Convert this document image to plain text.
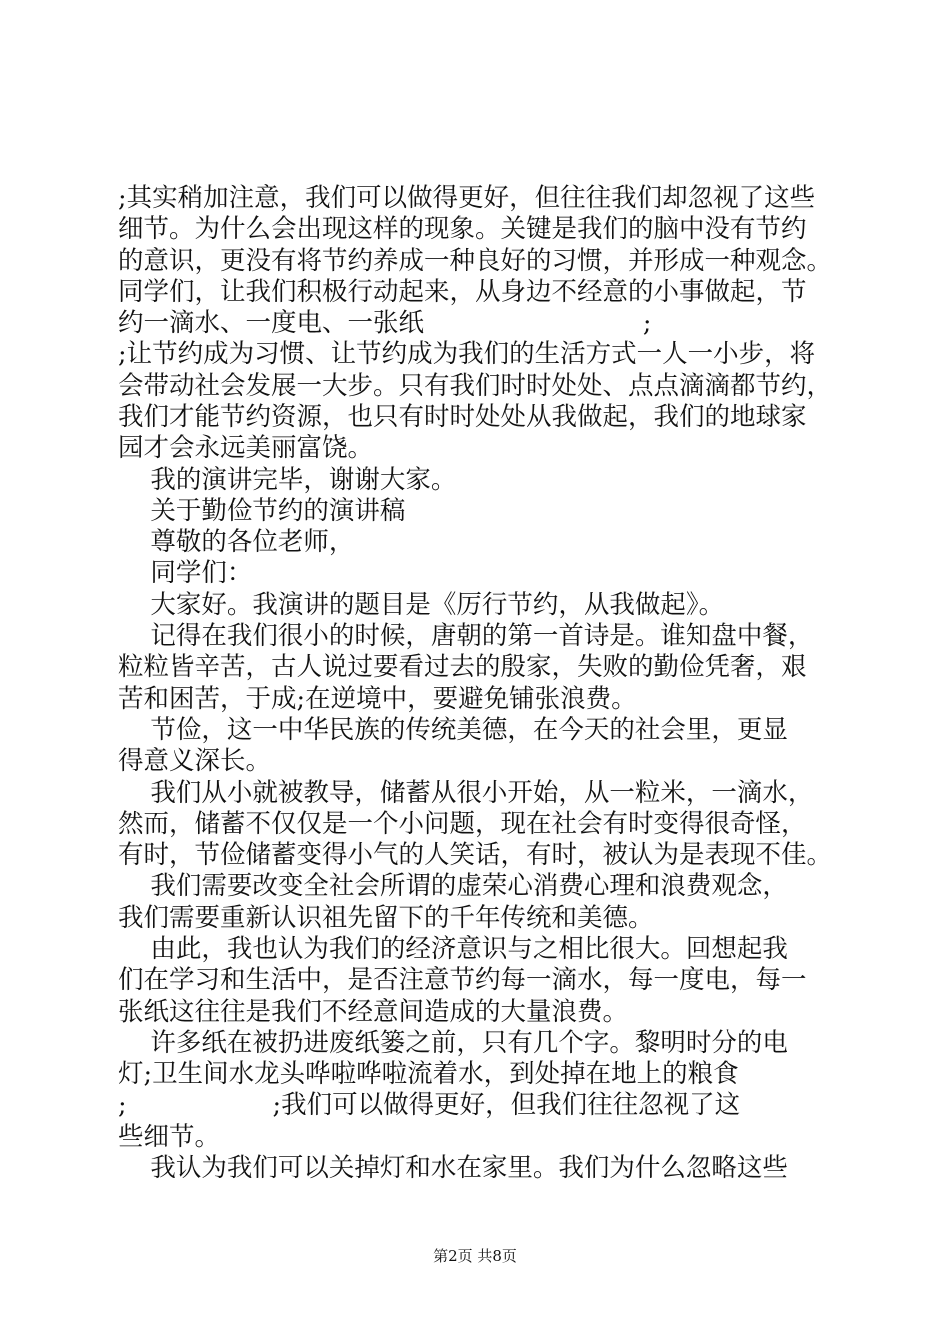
;其实稍加注意，我们可以做得更好，但往往我们却忽视了这些
细节。为什么会出现这样的现象。关键是我们的脑中没有节约
的意识，更没有将节约养成一种良好的习惯，并形成一种观念。
同学们，让我们积极行动起来，从身边不经意的小事做起，节
约一滴水、一度电、一张纸                           ;
;让节约成为习惯、让节约成为我们的生活方式一人一小步，将
会带动社会发展一大步。只有我们时时处处、点点滴滴都节约，
我们才能节约资源，也只有时时处处从我做起，我们的地球家
园才会永远美丽富饶。
我的演讲完毕，谢谢大家。
关于勤俭节约的演讲稿
尊敬的各位老师，
同学们：
大家好。我演讲的题目是《厉行节约，从我做起》。
记得在我们很小的时候，唐朝的第一首诗是。谁知盘中餐，
粒粒皆辛苦，古人说过要看过去的殷家，失败的勤俭凭奢，艰
苦和困苦，于成;在逆境中，要避免铺张浪费。
节俭，这一中华民族的传统美德，在今天的社会里，更显
得意义深长。
我们从小就被教导，储蓄从很小开始，从一粒米，一滴水，
然而，储蓄不仅仅是一个小问题，现在社会有时变得很奇怪，
有时，节俭储蓄变得小气的人笑话，有时，被认为是表现不佳。
我们需要改变全社会所谓的虚荣心消费心理和浪费观念，
我们需要重新认识祖先留下的千年传统和美德。
由此，我也认为我们的经济意识与之相比很大。回想起我
们在学习和生活中，是否注意节约每一滴水，每一度电，每一
张纸这往往是我们不经意间造成的大量浪费。
许多纸在被扔进废纸篓之前，只有几个字。黎明时分的电
灯;卫生间水龙头哗啦哗啦流着水，到处掉在地上的粮食
;                  ;我们可以做得更好，但我们往往忽视了这
些细节。
我认为我们可以关掉灯和水在家里。我们为什么忽略这些
第2页 共8页
